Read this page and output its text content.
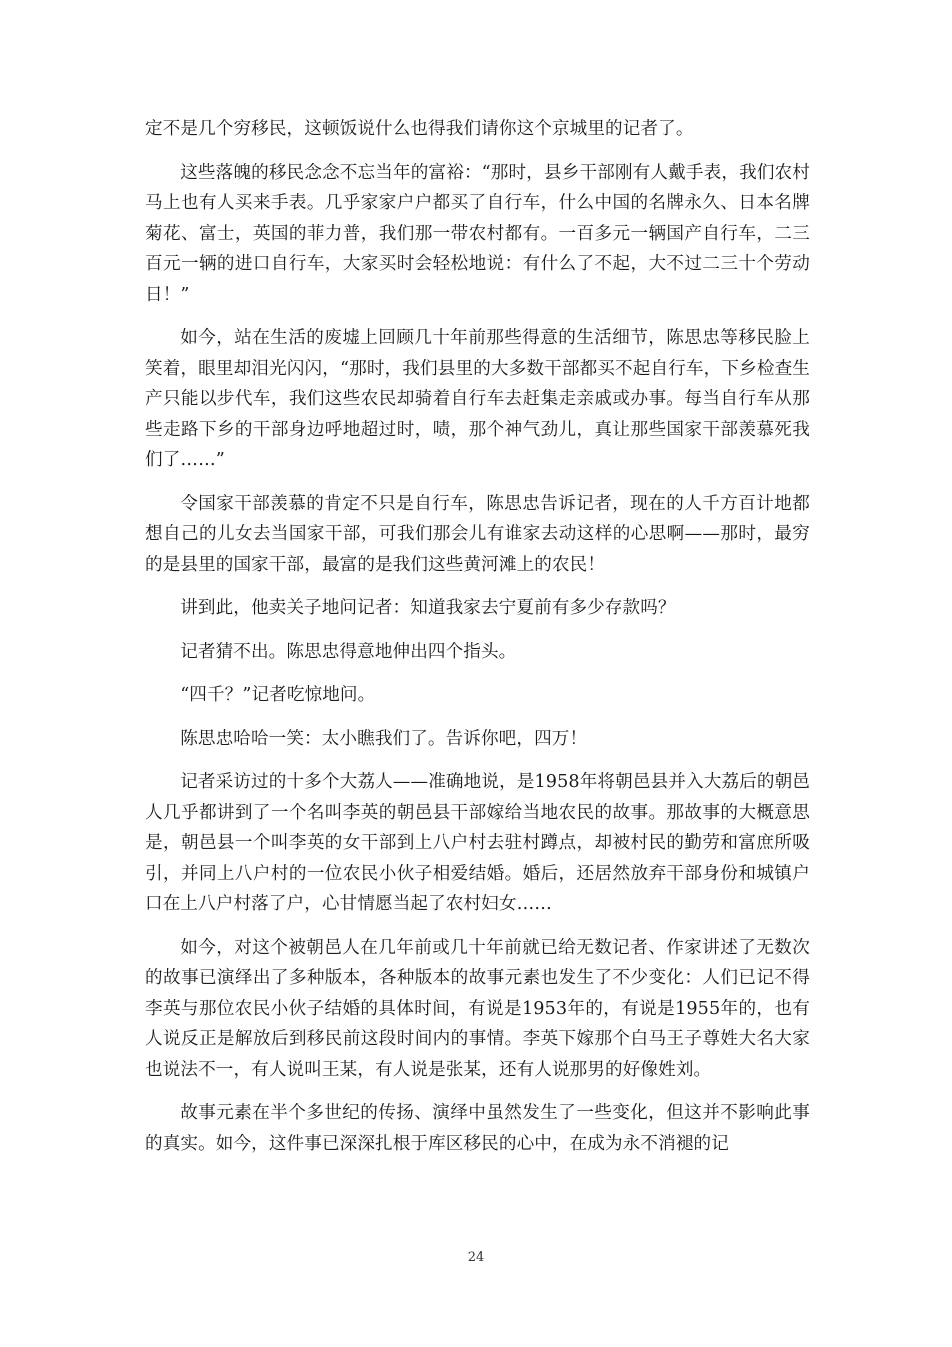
定不是几个穷移民，这顿饭说什么也得我们请你这个京城里的记者了。

这些落魄的移民念念不忘当年的富裕：“那时，县乡干部刚有人戴手表，我们农村马上也有人买来手表。几乎家家户户都买了自行车，什么中国的名牌永久、日本名牌菊花、富士，英国的菲力普，我们那一带农村都有。一百多元一辆国产自行车，二三百元一辆的进口自行车，大家买时会轻松地说：有什么了不起，大不过二三十个劳动日！”

如今，站在生活的废墟上回顾几十年前那些得意的生活细节，陈思忠等移民脸上笑着，眼里却泪光闪闪，“那时，我们县里的大多数干部都买不起自行车，下乡检查生产只能以步代车，我们这些农民却骑着自行车去赶集走亲戚或办事。每当自行车从那些走路下乡的干部身边呼地超过时，啧，那个神气劲儿，真让那些国家干部羡慕死我们了……”

令国家干部羡慕的肯定不只是自行车，陈思忠告诉记者，现在的人千方百计地都想自己的儿女去当国家干部，可我们那会儿有谁家去动这样的心思啊——那时，最穷的是县里的国家干部，最富的是我们这些黄河滩上的农民！

讲到此，他卖关子地问记者：知道我家去宁夏前有多少存款吗？

记者猜不出。陈思忠得意地伸出四个指头。

“四千？”记者吃惊地问。

陈思忠哈哈一笑：太小瞧我们了。告诉你吧，四万！

记者采访过的十多个大荔人——准确地说，是1958年将朝邑县并入大荔后的朝邑人几乎都讲到了一个名叫李英的朝邑县干部嫁给当地农民的故事。那故事的大概意思是，朝邑县一个叫李英的女干部到上八户村去驻村蹲点，却被村民的勤劳和富庶所吸引，并同上八户村的一位农民小伙子相爱结婚。婚后，还居然放弃干部身份和城镇户口在上八户村落了户，心甘情愿当起了农村妇女……

如今，对这个被朝邑人在几年前或几十年前就已给无数记者、作家讲述了无数次的故事已演绎出了多种版本，各种版本的故事元素也发生了不少变化：人们已记不得李英与那位农民小伙子结婚的具体时间，有说是1953年的，有说是1955年的，也有人说反正是解放后到移民前这段时间内的事情。李英下嫁那个白马王子尊姓大名大家也说法不一，有人说叫王某，有人说是张某，还有人说那男的好像姓刘。

故事元素在半个多世纪的传扬、演绎中虽然发生了一些变化，但这并不影响此事的真实。如今，这件事已深深扎根于库区移民的心中，在成为永不消褪的记

24
